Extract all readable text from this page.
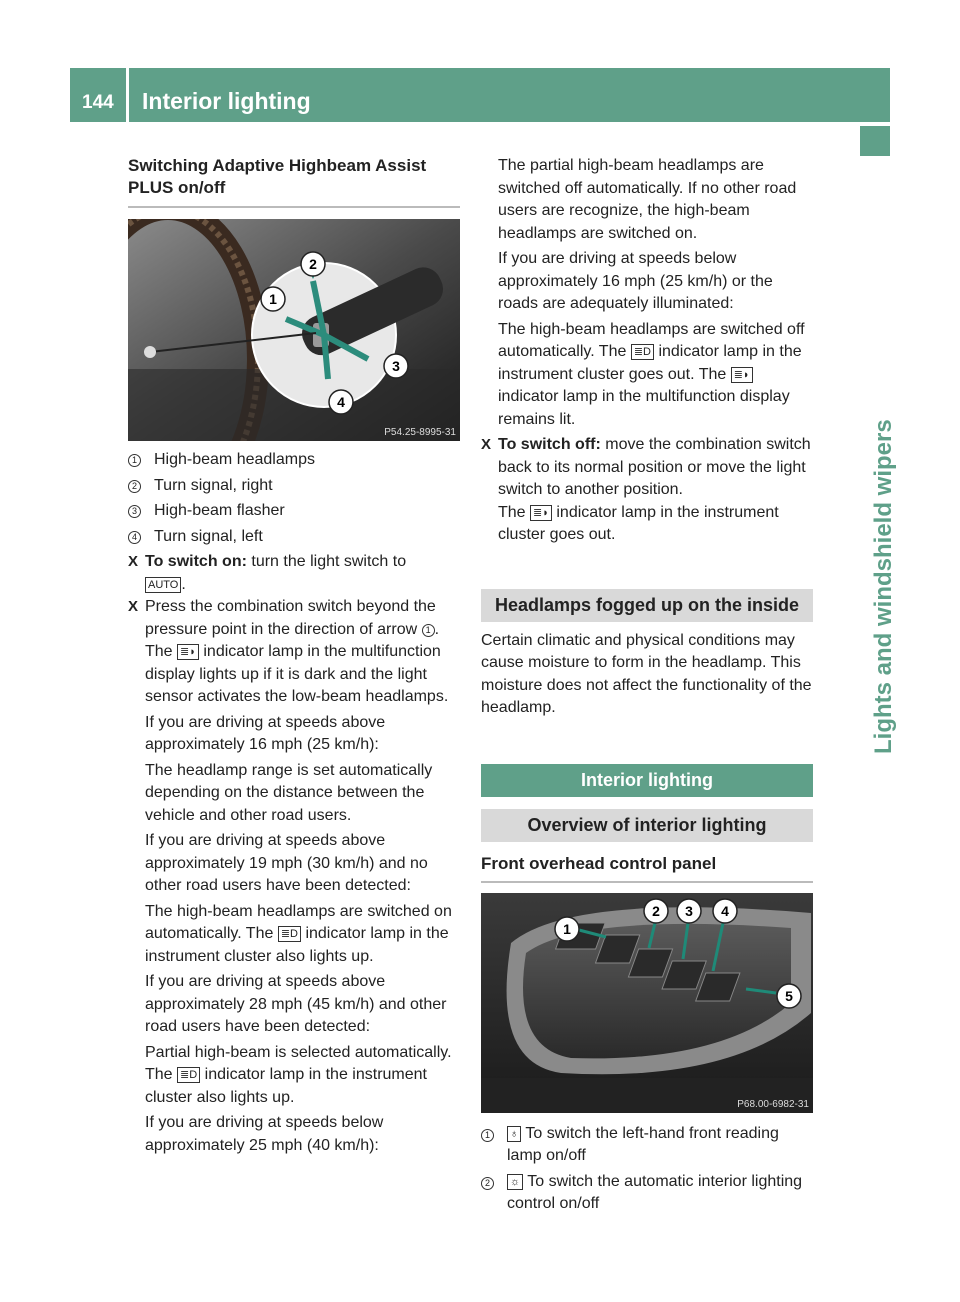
144 Interior lighting
Lights and windshield wipers
Switching Adaptive Highbeam Assist PLUS on/off
2
1
3
4
P54.25-8995-31
1	High-beam headlamps
2	Turn signal, right
3	High-beam flasher
4	Turn signal, left
X To switch on: turn the light switch to
AUTO .
X Press the combination switch beyond the pressure point in the direction of arrow 1 .

The ≣◗ indicator lamp in the multifunction display lights up if it is dark and the light sensor activates the low-beam headlamps.

If you are driving at speeds above approximately 16 mph (25 km/h):

The headlamp range is set automatically depending on the distance between the vehicle and other road users.

If you are driving at speeds above approximately 19 mph (30 km/h) and no other road users have been detected:

The high-beam headlamps are switched on automatically. The ≣D indicator lamp in the instrument cluster also lights up.

If you are driving at speeds above approximately 28 mph (45 km/h) and other road users have been detected:

Partial high-beam is selected automatically. The ≣D indicator lamp in the instrument cluster also lights up.

If you are driving at speeds below approximately 25 mph (40 km/h):

The partial high-beam headlamps are switched off automatically. If no other road users are recognize, the high-beam headlamps are switched on.

If you are driving at speeds below approximately 16 mph (25 km/h) or the roads are adequately illuminated:

The high-beam headlamps are switched off automatically. The ≣D indicator lamp in the instrument cluster goes out. The ≣◗ indicator lamp in the multifunction display remains lit.

X To switch off: move the combination switch back to its normal position or move the light switch to another position.

The ≣◗ indicator lamp in the instrument cluster goes out.

Headlamps fogged up on the inside

Certain climatic and physical conditions may cause moisture to form in the headlamp. This moisture does not affect the functionality of the headlamp.

Interior lighting
Overview of interior lighting
Front overhead control panel
1
2 3 4
5
P68.00-6982-31
1	♁ To switch the left-hand front reading lamp on/off
2	☼ To switch the automatic interior lighting control on/off
